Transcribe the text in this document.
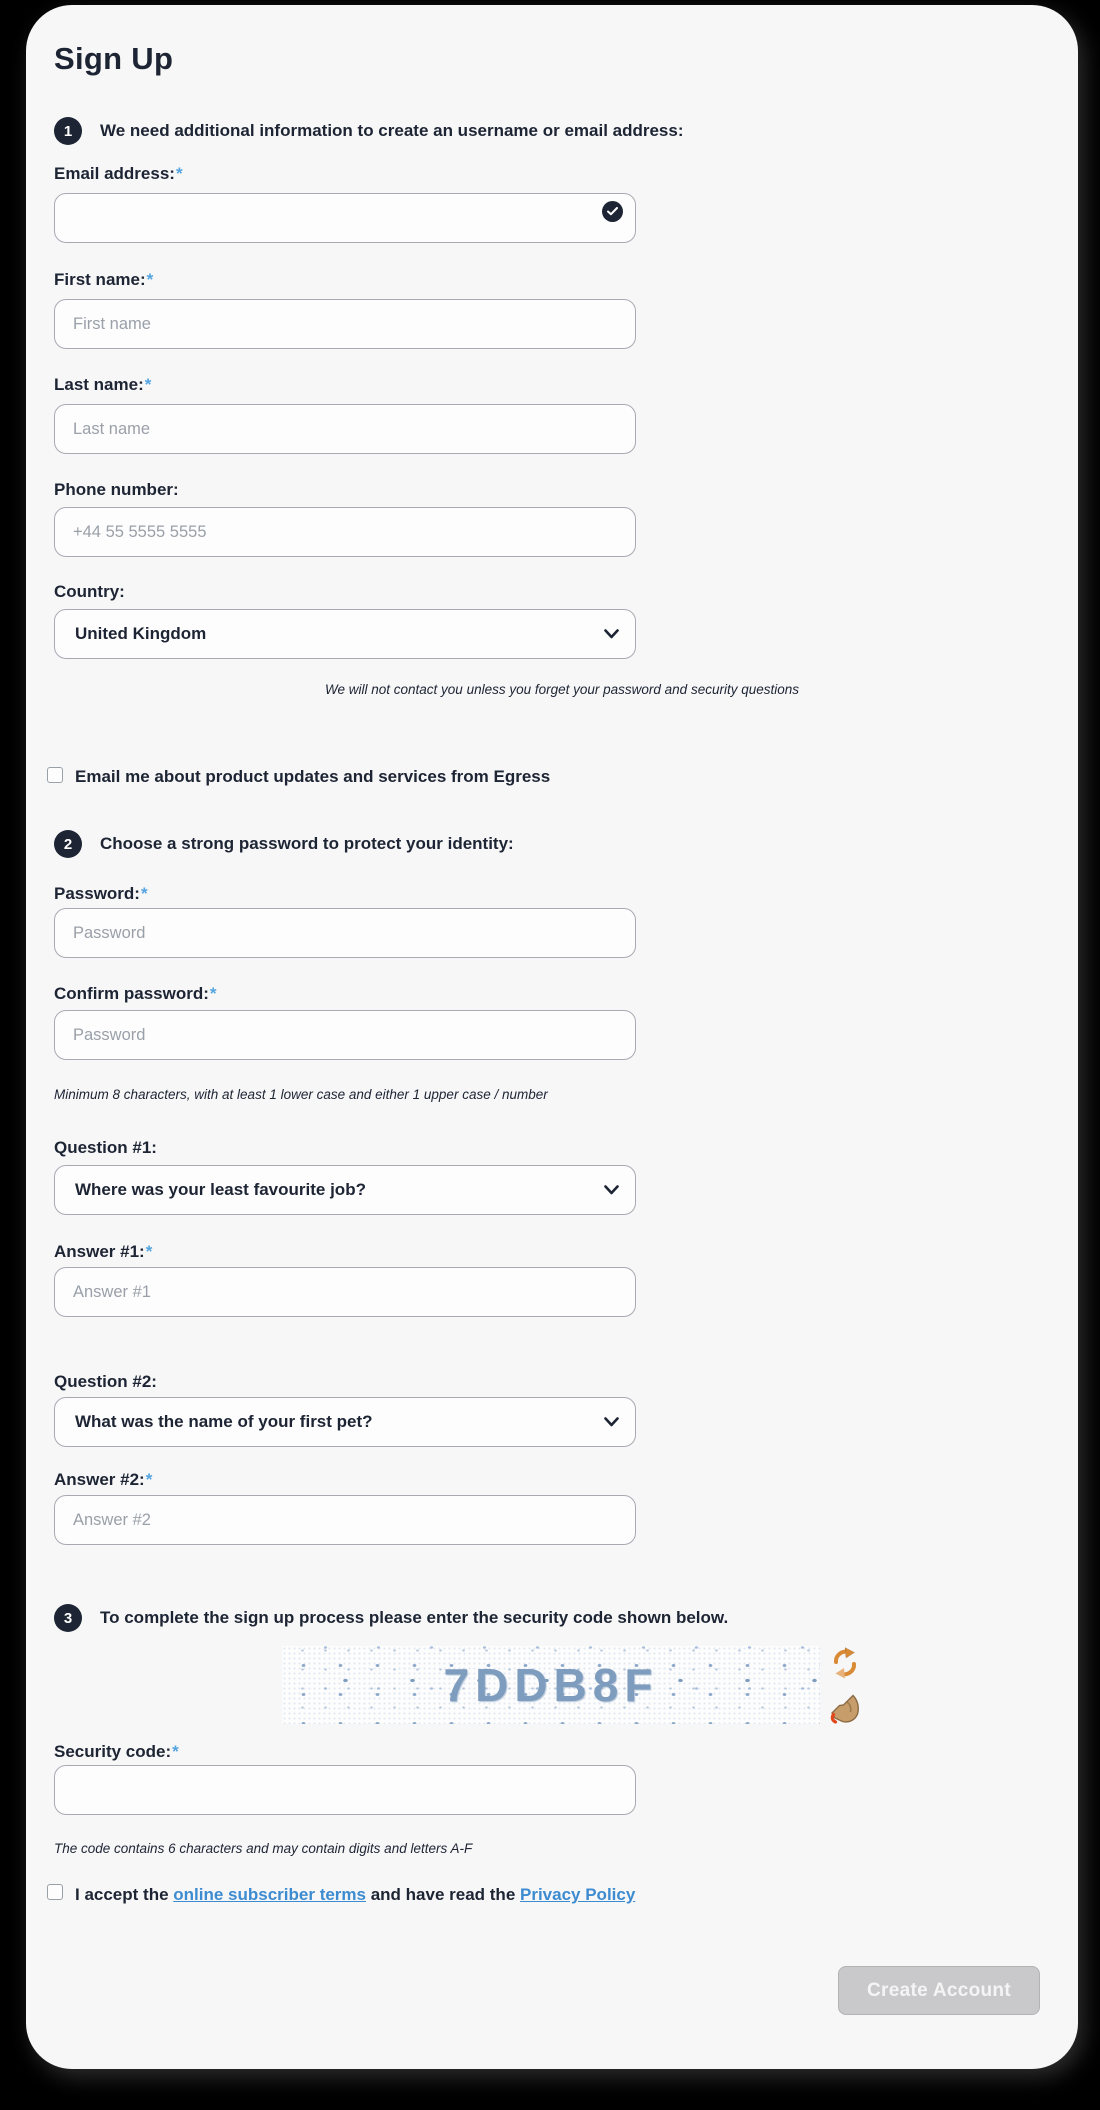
Sign Up
1	We need additional information to create an username or email address:
Email address:*
First name:*
First name
Last name:*
Last name
Phone number:
+44 55 5555 5555
Country:
United Kingdom
We will not contact you unless you forget your password and security questions
Email me about product updates and services from Egress
2	Choose a strong password to protect your identity:
Password:*
Confirm password:*
Minimum 8 characters, with at least 1 lower case and either 1 upper case / number
Question #1:
Where was your least favourite job?
Answer #1:*
Answer #1
Question #2:
What was the name of your first pet?
Answer #2:*
Answer #2
3	To complete the sign up process please enter the security code shown below.
7DDB8F
Security code:*
The code contains 6 characters and may contain digits and letters A-F
I accept the online subscriber terms and have read the Privacy Policy
Create Account
